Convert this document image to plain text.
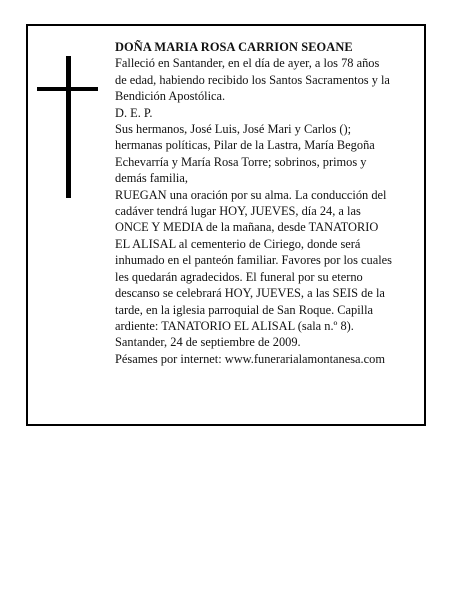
DOÑA MARIA ROSA CARRION SEOANE

Falleció en Santander, en el día de ayer, a los 78 años
de edad, habiendo recibido los Santos Sacramentos y la
Bendición Apostólica.

D. E. P.

Sus hermanos, José Luis, José Mari y Carlos ();
hermanas políticas, Pilar de la Lastra, María Begoña
Echevarría y María Rosa Torre; sobrinos, primos y
demás familia,

RUEGAN una oración por su alma. La conducción del
cadáver tendrá lugar HOY, JUEVES, día 24, a las
ONCE Y MEDIA de la mañana, desde TANATORIO
EL ALISAL al cementerio de Ciriego, donde será
inhumado en el panteón familiar. Favores por los cuales
les quedarán agradecidos. El funeral por su eterno
descanso se celebrará HOY, JUEVES, a las SEIS de la
tarde, en la iglesia parroquial de San Roque. Capilla
ardiente: TANATORIO EL ALISAL (sala n.º 8).

Santander, 24 de septiembre de 2009.

Pésames por internet: www.funerarialamontanesa.com
